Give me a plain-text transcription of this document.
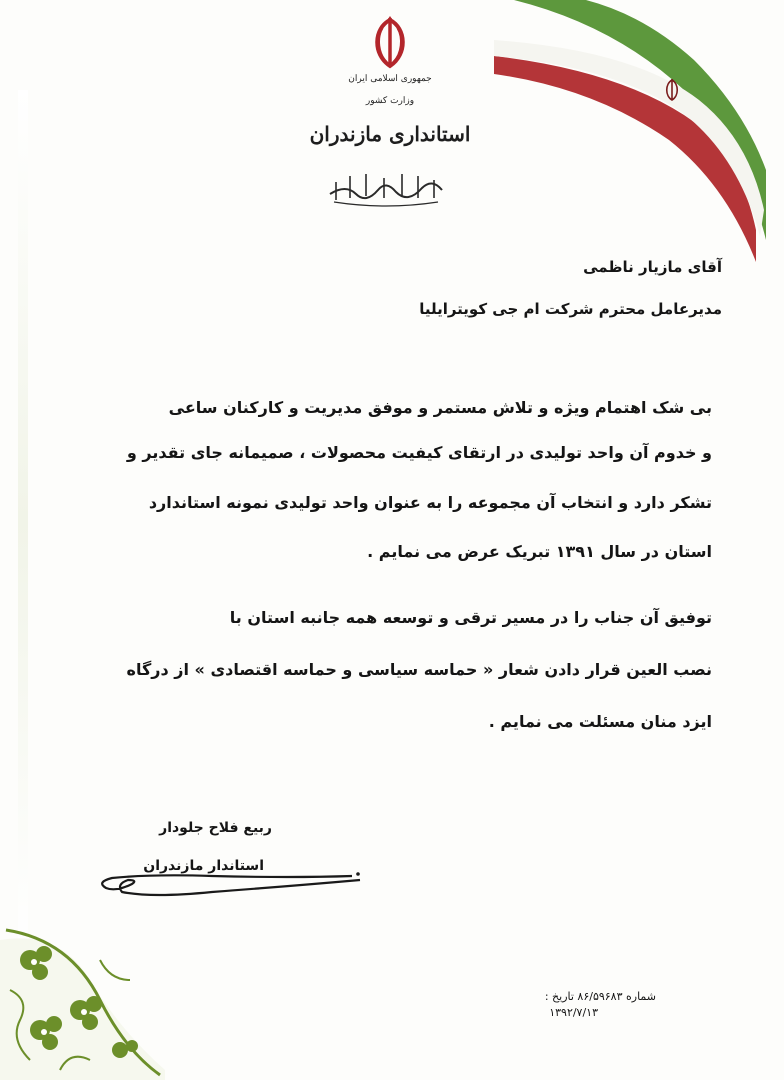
جمهوری اسلامی ایران
وزارت کشور
استانداری مازندران
آقای مازیار ناظمی
مدیرعامل محترم شرکت ام جی کویترایلیا
بی شک اهتمام ویژه و تلاش مستمر و موفق مدیریت و کارکنان ساعی
و خدوم آن واحد تولیدی در ارتقای کیفیت محصولات ، صمیمانه جای تقدیر و
تشکر دارد و انتخاب آن مجموعه را به عنوان واحد تولیدی نمونه استاندارد
استان در سال ۱۳۹۱ تبریک عرض می نمایم .
توفیق آن جناب را در مسیر ترقی و توسعه همه جانبه استان با
نصب العین قرار دادن شعار « حماسه سیاسی و حماسه اقتصادی » از درگاه
ایزد منان مسئلت می نمایم .
ربیع فلاح جلودار
استاندار مازندران
شماره ۸۶/۵۹۶۸۳ تاریخ :
۱۳۹۲/۷/۱۳
